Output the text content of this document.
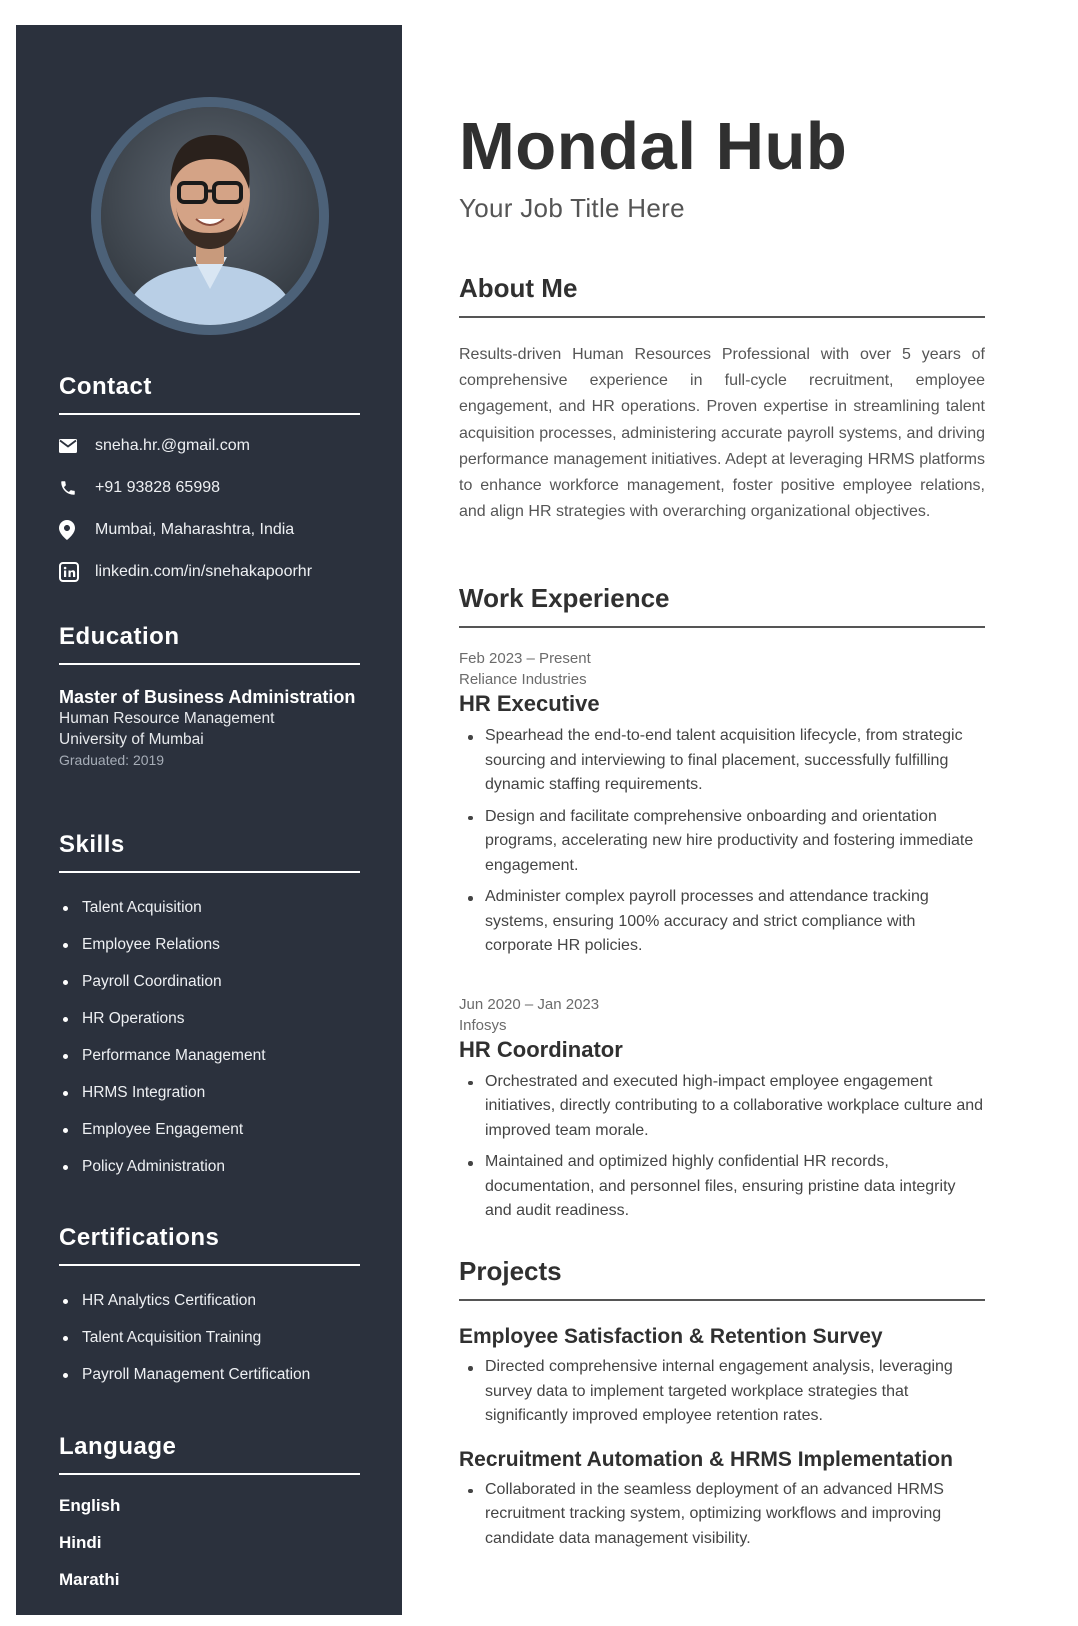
Contact
sneha.hr.@gmail.com
+91 93828 65998
Mumbai, Maharashtra, India
linkedin.com/in/snehakapoorhr
Education
Master of Business Administration
Human Resource Management
University of Mumbai
Graduated: 2019
Skills
Talent Acquisition
Employee Relations
Payroll Coordination
HR Operations
Performance Management
HRMS Integration
Employee Engagement
Policy Administration
Certifications
HR Analytics Certification
Talent Acquisition Training
Payroll Management Certification
Language
English
Hindi
Marathi
Mondal Hub
Your Job Title Here
About Me
Results-driven Human Resources Professional with over 5 years of comprehensive experience in full-cycle recruitment, employee engagement, and HR operations. Proven expertise in streamlining talent acquisition processes, administering accurate payroll systems, and driving performance management initiatives. Adept at leveraging HRMS platforms to enhance workforce management, foster positive employee relations, and align HR strategies with overarching organizational objectives.
Work Experience
Feb 2023 – Present
Reliance Industries
HR Executive
Spearhead the end-to-end talent acquisition lifecycle, from strategic sourcing and interviewing to final placement, successfully fulfilling dynamic staffing requirements.
Design and facilitate comprehensive onboarding and orientation programs, accelerating new hire productivity and fostering immediate engagement.
Administer complex payroll processes and attendance tracking systems, ensuring 100% accuracy and strict compliance with corporate HR policies.
Jun 2020 – Jan 2023
Infosys
HR Coordinator
Orchestrated and executed high-impact employee engagement initiatives, directly contributing to a collaborative workplace culture and improved team morale.
Maintained and optimized highly confidential HR records, documentation, and personnel files, ensuring pristine data integrity and audit readiness.
Projects
Employee Satisfaction & Retention Survey
Directed comprehensive internal engagement analysis, leveraging survey data to implement targeted workplace strategies that significantly improved employee retention rates.
Recruitment Automation & HRMS Implementation
Collaborated in the seamless deployment of an advanced HRMS recruitment tracking system, optimizing workflows and improving candidate data management visibility.
